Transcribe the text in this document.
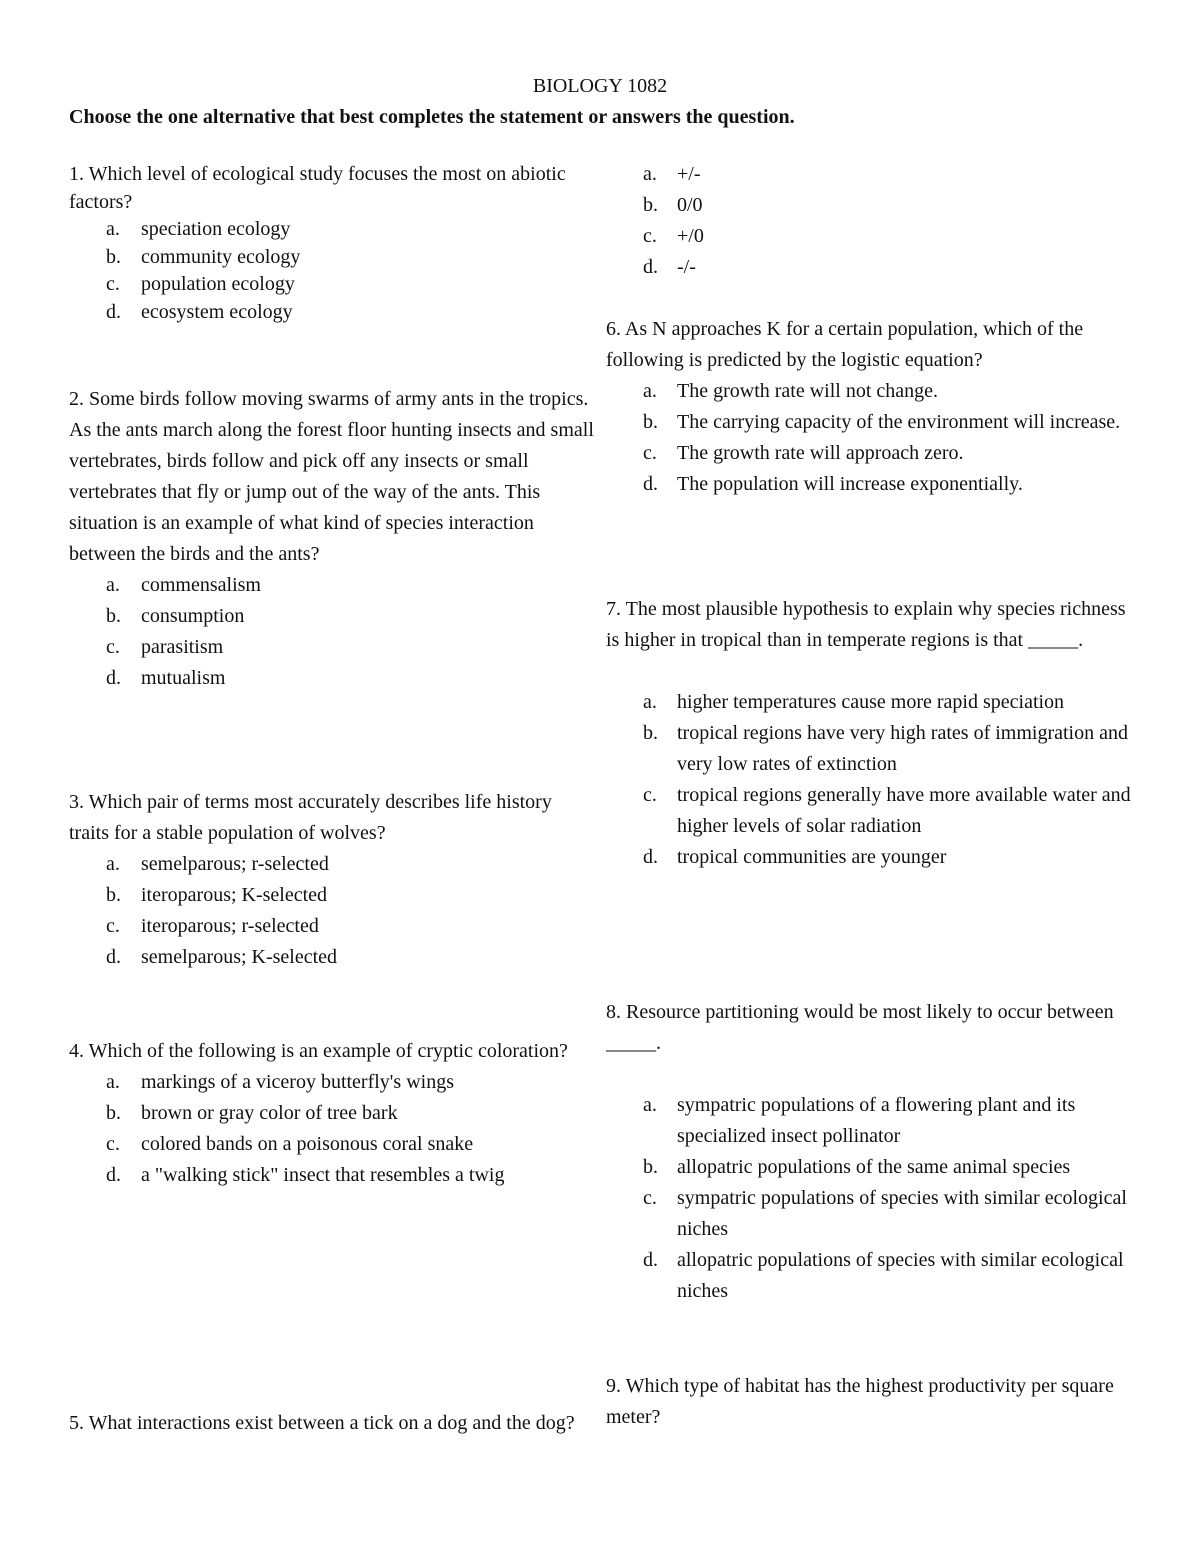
BIOLOGY 1082
Choose the one alternative that best completes the statement or answers the question.

1. Which level of ecological study focuses the most on abiotic factors?

a. speciation ecology
b. community ecology
c. population ecology
d. ecosystem ecology

2. Some birds follow moving swarms of army ants in the tropics. As the ants march along the forest floor hunting insects and small vertebrates, birds follow and pick off any insects or small vertebrates that fly or jump out of the way of the ants. This situation is an example of what kind of species interaction between the birds and the ants?

a. commensalism
b. consumption
c. parasitism
d. mutualism

3. Which pair of terms most accurately describes life history traits for a stable population of wolves?

a. semelparous; r-selected
b. iteroparous; K-selected
c. iteroparous; r-selected
d. semelparous; K-selected

4. Which of the following is an example of cryptic coloration?

a. markings of a viceroy butterfly's wings
b. brown or gray color of tree bark
c. colored bands on a poisonous coral snake
d. a "walking stick" insect that resembles a twig

5. What interactions exist between a tick on a dog and the dog?

a. +/-
b. 0/0
c. +/0
d. -/-

6. As N approaches K for a certain population, which of the following is predicted by the logistic equation?

a. The growth rate will not change.
b. The carrying capacity of the environment will increase.
c. The growth rate will approach zero.
d. The population will increase exponentially.

7. The most plausible hypothesis to explain why species richness is higher in tropical than in temperate regions is that _____.

a. higher temperatures cause more rapid speciation
b. tropical regions have very high rates of immigration and very low rates of extinction
c. tropical regions generally have more available water and higher levels of solar radiation
d. tropical communities are younger

8. Resource partitioning would be most likely to occur between _____.

a. sympatric populations of a flowering plant and its specialized insect pollinator
b. allopatric populations of the same animal species
c. sympatric populations of species with similar ecological niches
d. allopatric populations of species with similar ecological niches

9. Which type of habitat has the highest productivity per square meter?
